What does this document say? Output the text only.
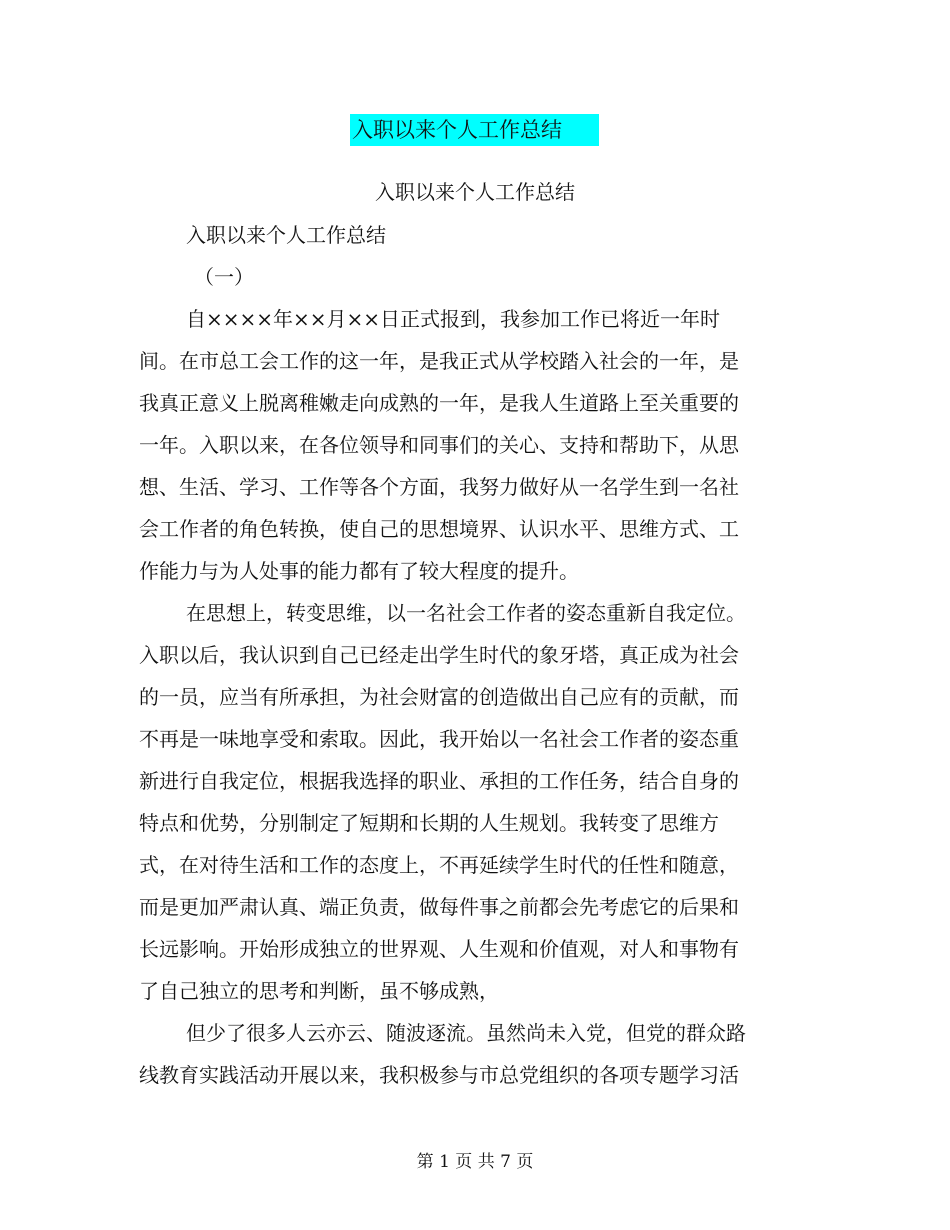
入职以来个人工作总结
入职以来个人工作总结
入职以来个人工作总结
（一）
自××××年××月××日正式报到，我参加工作已将近一年时
间。在市总工会工作的这一年，是我正式从学校踏入社会的一年，是
我真正意义上脱离稚嫩走向成熟的一年，是我人生道路上至关重要的
一年。入职以来，在各位领导和同事们的关心、支持和帮助下，从思
想、生活、学习、工作等各个方面，我努力做好从一名学生到一名社
会工作者的角色转换，使自己的思想境界、认识水平、思维方式、工
作能力与为人处事的能力都有了较大程度的提升。
在思想上，转变思维，以一名社会工作者的姿态重新自我定位。
入职以后，我认识到自己已经走出学生时代的象牙塔，真正成为社会
的一员，应当有所承担，为社会财富的创造做出自己应有的贡献，而
不再是一味地享受和索取。因此，我开始以一名社会工作者的姿态重
新进行自我定位，根据我选择的职业、承担的工作任务，结合自身的
特点和优势，分别制定了短期和长期的人生规划。我转变了思维方
式，在对待生活和工作的态度上，不再延续学生时代的任性和随意，
而是更加严肃认真、端正负责，做每件事之前都会先考虑它的后果和
长远影响。开始形成独立的世界观、人生观和价值观，对人和事物有
了自己独立的思考和判断，虽不够成熟，
但少了很多人云亦云、随波逐流。虽然尚未入党，但党的群众路
线教育实践活动开展以来，我积极参与市总党组织的各项专题学习活
第 1 页 共 7 页
